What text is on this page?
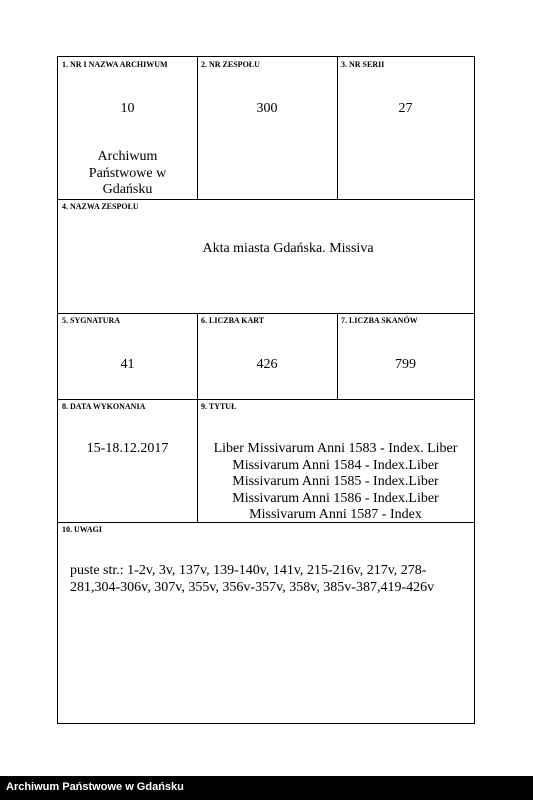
1. NR I NAZWA ARCHIWUM
10
Archiwum Państwowe w Gdańsku
2. NR ZESPOŁU
300
3. NR SERII
27
4. NAZWA ZESPOŁU
Akta miasta Gdańska. Missiva
5. SYGNATURA
41
6. LICZBA KART
426
7. LICZBA SKANÓW
799
8. DATA WYKONANIA
15-18.12.2017
9. TYTUŁ
Liber Missivarum Anni 1583 - Index. Liber Missivarum Anni 1584 - Index.Liber Missivarum Anni 1585 - Index.Liber Missivarum Anni 1586 - Index.Liber Missivarum Anni 1587 - Index
10. UWAGI
puste str.: 1-2v, 3v, 137v, 139-140v, 141v, 215-216v, 217v, 278-281,304-306v, 307v, 355v, 356v-357v, 358v, 385v-387,419-426v
Archiwum Państwowe w Gdańsku
